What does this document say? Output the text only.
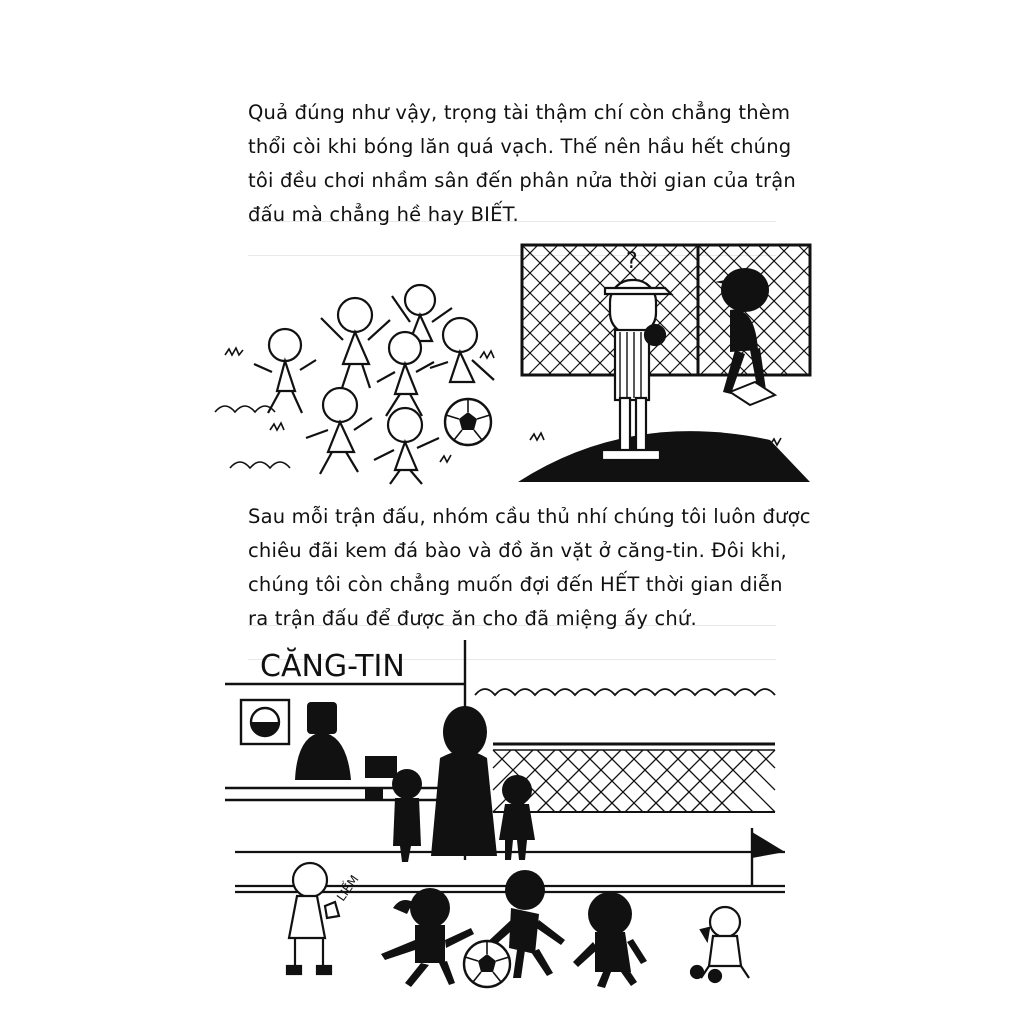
Quả đúng như vậy, trọng tài thậm chí còn chẳng thèm
thổi còi khi bóng lăn quá vạch. Thế nên hầu hết chúng
tôi đều chơi nhầm sân đến phân nửa thời gian của trận
đấu mà chẳng hề hay BIẾT.
?
Sau mỗi trận đấu, nhóm cầu thủ nhí chúng tôi luôn được
chiêu đãi kem đá bào và đồ ăn vặt ở căng-tin. Đôi khi,
chúng tôi còn chẳng muốn đợi đến HẾT thời gian diễn
ra trận đấu để được ăn cho đã miệng ấy chứ.
CĂNG-TIN
LIẾM
